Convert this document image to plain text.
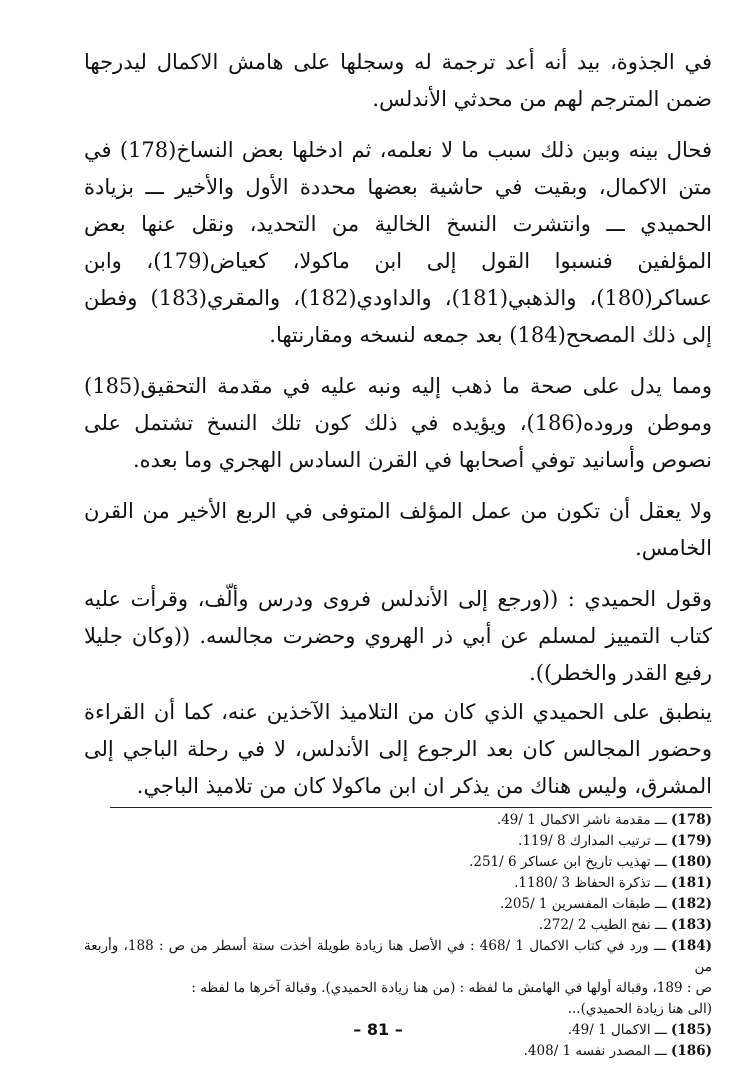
في الجذوة، بيد أنه أعد ترجمة له وسجلها على هامش الاكمال ليدرجها ضمن المترجم لهم من محدثي الأندلس.

فحال بينه وبين ذلك سبب ما لا نعلمه، ثم ادخلها بعض النساخ(178) في متن الاكمال، وبقيت في حاشية بعضها محددة الأول والأخير ـــ بزيادة الحميدي ـــ وانتشرت النسخ الخالية من التحديد، ونقل عنها بعض المؤلفين فنسبوا القول إلى ابن ماكولا، كعياض(179)، وابن عساكر(180)، والذهبي(181)، والداودي(182)، والمقري(183) وفطن إلى ذلك المصحح(184) بعد جمعه لنسخه ومقارنتها.

ومما يدل على صحة ما ذهب إليه ونبه عليه في مقدمة التحقيق(185) وموطن وروده(186)، ويؤيده في ذلك كون تلك النسخ تشتمل على نصوص وأسانيد توفي أصحابها في القرن السادس الهجري وما بعده.

ولا يعقل أن تكون من عمل المؤلف المتوفى في الربع الأخير من القرن الخامس.

وقول الحميدي : ((ورجع إلى الأندلس فروى ودرس وألّف، وقرأت عليه كتاب التمييز لمسلم عن أبي ذر الهروي وحضرت مجالسه. ((وكان جليلا رفيع القدر والخطر)).

ينطبق على الحميدي الذي كان من التلاميذ الآخذين عنه، كما أن القراءة وحضور المجالس كان بعد الرجوع إلى الأندلس، لا في رحلة الباجي إلى المشرق، وليس هناك من يذكر ان ابن ماكولا كان من تلاميذ الباجي.

(178) ـــ مقدمة ناشر الاكمال 1 /49.
(179) ـــ ترتيب المدارك 8 /119.
(180) ـــ تهذيب تاريخ ابن عساكر 6 /251.
(181) ـــ تذكرة الحفاظ 3 /1180.
(182) ـــ طبقات المفسرين 1 /205.
(183) ـــ نفح الطيب 2 /272.
(184) ـــ ورد في كتاب الاكمال 1 /468 : في الأصل هنا زيادة طويلة أخذت ستة أسطر من ص : 188، وأربعة من
ص : 189، وقبالة أولها في الهامش ما لفظه : (من هنا زيادة الحميدي). وقبالة آخرها ما لفظه :
(الى هنا زيادة الحميدي)...
(185) ـــ الاكمال 1 /49.
(186) ـــ المصدر نفسه 1 /408.
– 81 –
